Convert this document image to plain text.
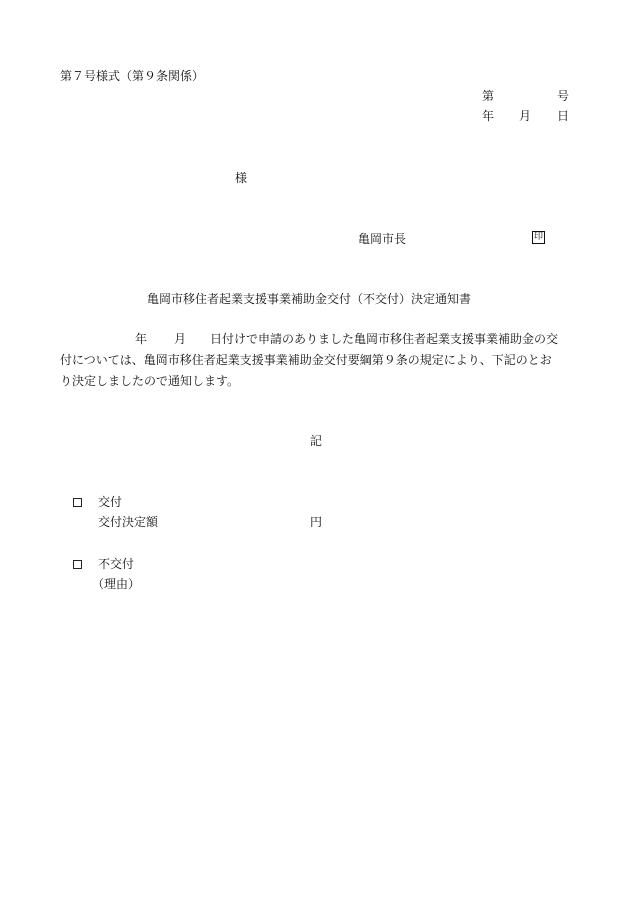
第７号様式（第９条関係）
第	号
年 月 日
様
亀岡市長	印
亀岡市移住者起業支援事業補助金交付（不交付）決定通知書
年 月 日付けで申請のありました亀岡市移住者起業支援事業補助金の交
付については、亀岡市移住者起業支援事業補助金交付要綱第９条の規定により、下記のとお
り決定しましたので通知します。
記
交付
交付決定額	円
不交付
（理由）
